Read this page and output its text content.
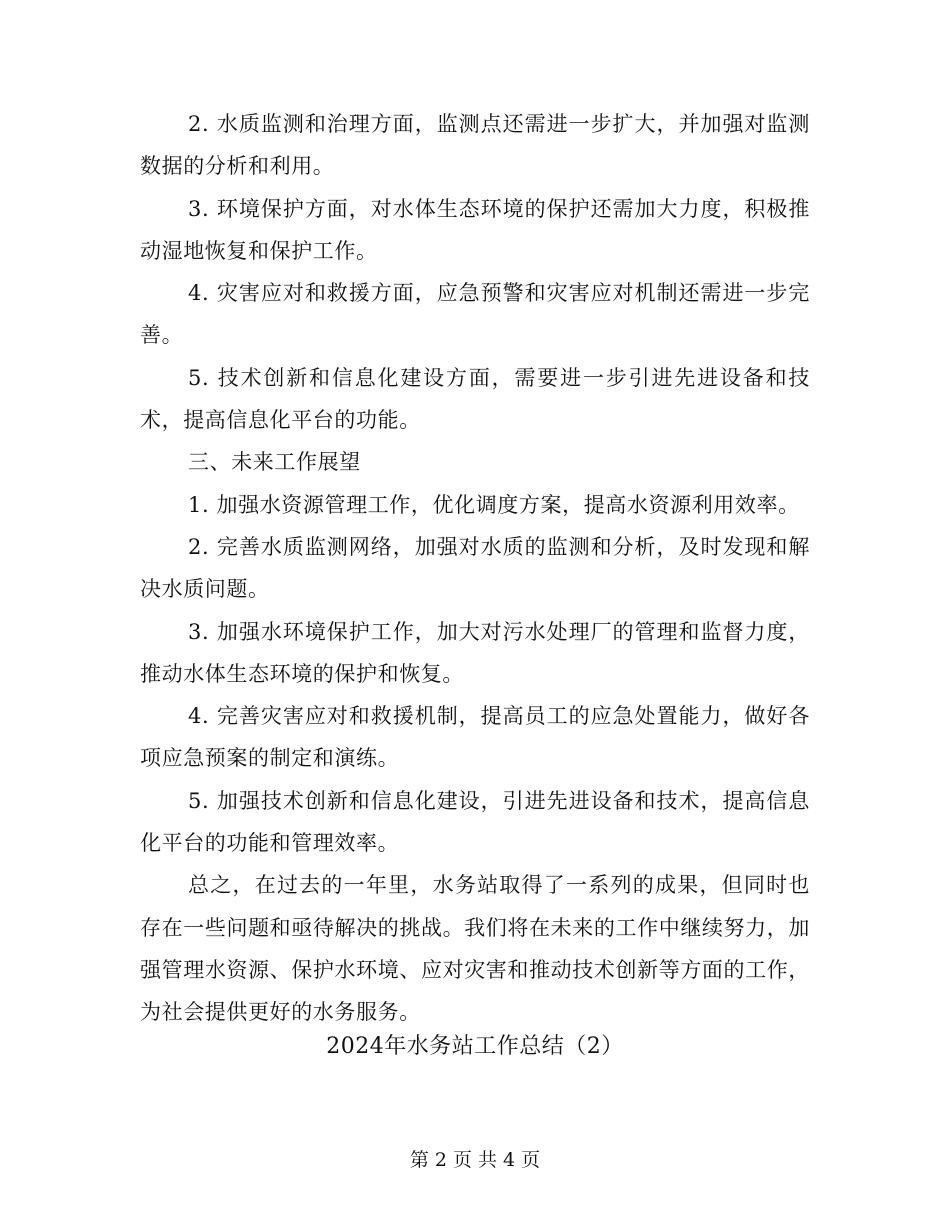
2. 水质监测和治理方面，监测点还需进一步扩大，并加强对监测数据的分析和利用。

3. 环境保护方面，对水体生态环境的保护还需加大力度，积极推动湿地恢复和保护工作。

4. 灾害应对和救援方面，应急预警和灾害应对机制还需进一步完善。

5. 技术创新和信息化建设方面，需要进一步引进先进设备和技术，提高信息化平台的功能。

三、未来工作展望

1. 加强水资源管理工作，优化调度方案，提高水资源利用效率。

2. 完善水质监测网络，加强对水质的监测和分析，及时发现和解决水质问题。

3. 加强水环境保护工作，加大对污水处理厂的管理和监督力度，推动水体生态环境的保护和恢复。

4. 完善灾害应对和救援机制，提高员工的应急处置能力，做好各项应急预案的制定和演练。

5. 加强技术创新和信息化建设，引进先进设备和技术，提高信息化平台的功能和管理效率。

总之，在过去的一年里，水务站取得了一系列的成果，但同时也存在一些问题和亟待解决的挑战。我们将在未来的工作中继续努力，加强管理水资源、保护水环境、应对灾害和推动技术创新等方面的工作，为社会提供更好的水务服务。

2024年水务站工作总结（2）
第 2 页 共 4 页
